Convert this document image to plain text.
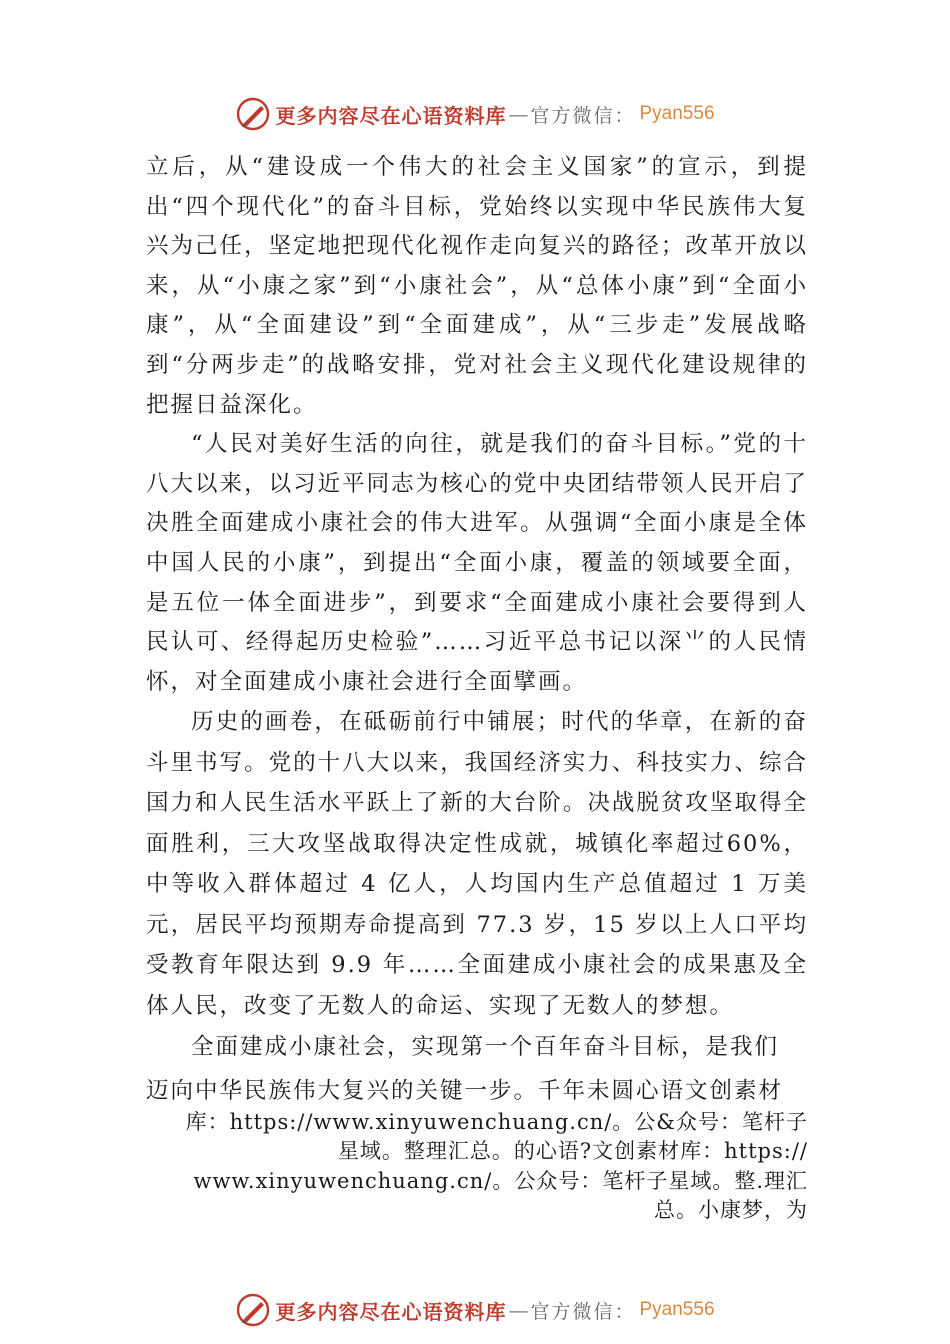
更多内容尽在心语资料库 — 官方微信： Pyan556

立后，从“建设成一个伟大的社会主义国家”的宣示，到提出“四个现代化”的奋斗目标，党始终以实现中华民族伟大复兴为己任，坚定地把现代化视作走向复兴的路径；改革开放以来，从“小康之家”到“小康社会”，从“总体小康”到“全面小康”，从“全面建设”到“全面建成”，从“三步走”发展战略到“分两步走”的战略安排，党对社会主义现代化建设规律的把握日益深化。

“人民对美好生活的向往，就是我们的奋斗目标。”党的十八大以来，以习近平同志为核心的党中央团结带领人民开启了决胜全面建成小康社会的伟大进军。从强调“全面小康是全体中国人民的小康”，到提出“全面小康，覆盖的领域要全面，是五位一体全面进步”，到要求“全面建成小康社会要得到人民认可、经得起历史检验”……习近平总书记以深⺌的人民情怀，对全面建成小康社会进行全面擘画。

历史的画卷，在砥砺前行中铺展；时代的华章，在新的奋斗里书写。党的十八大以来，我国经济实力、科技实力、综合国力和人民生活水平跃上了新的大台阶。决战脱贫攻坚取得全面胜利，三大攻坚战取得决定性成就，城镇化率超过60%，中等收入群体超过 4 亿人，人均国内生产总值超过 1 万美元，居民平均预期寿命提高到 77.3 岁，15 岁以上人口平均受教育年限达到 9.9 年……全面建成小康社会的成果惠及全体人民，改变了无数人的命运、实现了无数人的梦想。

全面建成小康社会，实现第一个百年奋斗目标，是我们

迈向中华民族伟大复兴的关键一步。千年未圆心语文创素材

库：https://www.xinyuwenchuang.cn/。公&众号：笔杆子

星域。整理汇总。的心语?文创素材库：https://

www.xinyuwenchuang.cn/。公众号：笔杆子星域。整.理汇

总。小康梦，为

更多内容尽在心语资料库 — 官方微信： Pyan556
